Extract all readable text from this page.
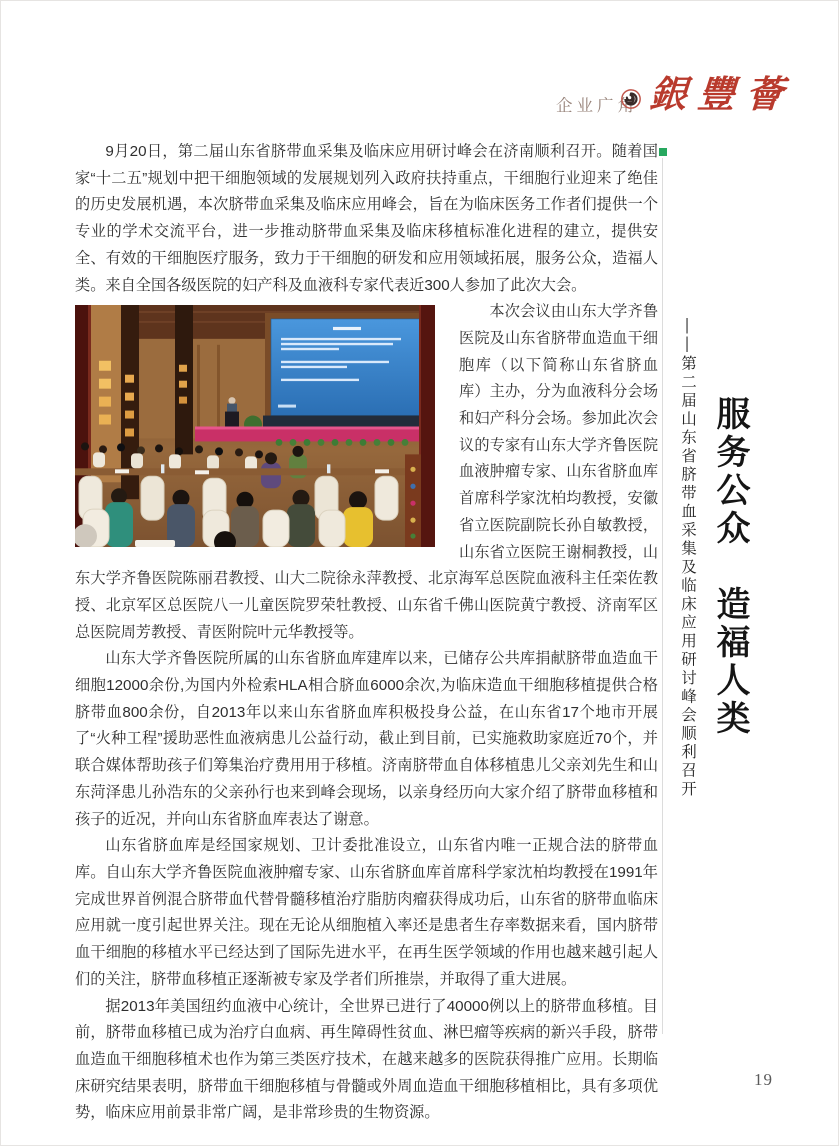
企业广角 銀豐薈

9月20日，第二届山东省脐带血采集及临床应用研讨峰会在济南顺利召开。随着国家“十二五”规划中把干细胞领域的发展规划列入政府扶持重点，干细胞行业迎来了绝佳的历史发展机遇，本次脐带血采集及临床应用峰会，旨在为临床医务工作者们提供一个专业的学术交流平台，进一步推动脐带血采集及临床移植标准化进程的建立，提供安全、有效的干细胞医疗服务，致力于干细胞的研发和应用领域拓展，服务公众，造福人类。来自全国各级医院的妇产科及血液科专家代表近300人参加了此次大会。

本次会议由山东大学齐鲁医院及山东省脐带血造血干细胞库（以下简称山东省脐血库）主办，分为血液科分会场和妇产科分会场。参加此次会议的专家有山东大学齐鲁医院血液肿瘤专家、山东省脐血库首席科学家沈柏均教授，安徽省立医院副院长孙自敏教授，山东省立医院王谢桐教授，山东大学齐鲁医院陈丽君教授、山大二院徐永萍教授、北京海军总医院血液科主任栾佐教授、北京军区总医院八一儿童医院罗荣牡教授、山东省千佛山医院黄宁教授、济南军区总医院周芳教授、青医附院叶元华教授等。

山东大学齐鲁医院所属的山东省脐血库建库以来，已储存公共库捐献脐带血造血干细胞12000余份,为国内外检索HLA相合脐血6000余次,为临床造血干细胞移植提供合格脐带血800余份，自2013年以来山东省脐血库积极投身公益，在山东省17个地市开展了“火种工程”援助恶性血液病患儿公益行动，截止到目前，已实施救助家庭近70个，并联合媒体帮助孩子们筹集治疗费用用于移植。济南脐带血自体移植患儿父亲刘先生和山东菏泽患儿孙浩东的父亲孙行也来到峰会现场，以亲身经历向大家介绍了脐带血移植和孩子的近况，并向山东省脐血库表达了谢意。

山东省脐血库是经国家规划、卫计委批准设立，山东省内唯一正规合法的脐带血库。自山东大学齐鲁医院血液肿瘤专家、山东省脐血库首席科学家沈柏均教授在1991年完成世界首例混合脐带血代替骨髓移植治疗脂肪肉瘤获得成功后，山东省的脐带血临床应用就一度引起世界关注。现在无论从细胞植入率还是患者生存率数据来看，国内脐带血干细胞的移植水平已经达到了国际先进水平，在再生医学领域的作用也越来越引起人们的关注，脐带血移植正逐渐被专家及学者们所推崇，并取得了重大进展。

据2013年美国纽约血液中心统计，全世界已进行了40000例以上的脐带血移植。目前，脐带血移植已成为治疗白血病、再生障碍性贫血、淋巴瘤等疾病的新兴手段，脐带血造血干细胞移植术也作为第三类医疗技术，在越来越多的医院获得推广应用。长期临床研究结果表明，脐带血干细胞移植与骨髓或外周血造血干细胞移植相比，具有多项优势，临床应用前景非常广阔，是非常珍贵的生物资源。

——第二届山东省脐带血采集及临床应用研讨峰会顺利召开 服务公众　造福人类
19
